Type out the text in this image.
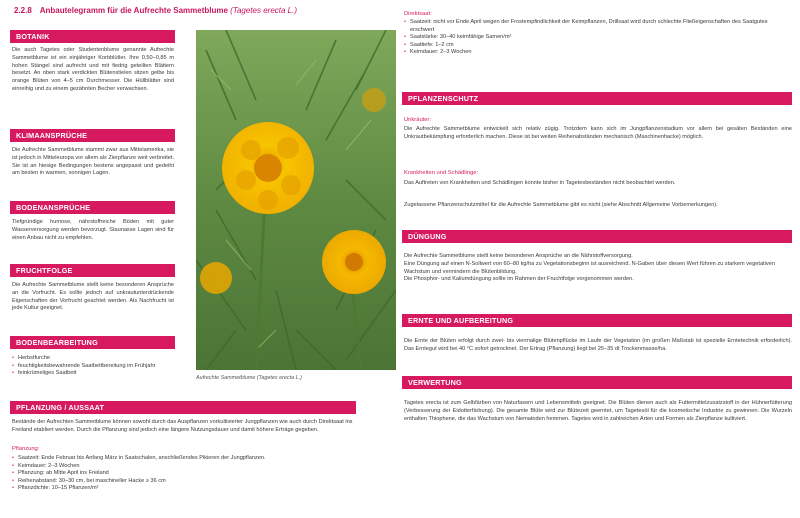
2.2.8 Anbautelegramm für die Aufrechte Sammetblume (Tagetes erecta L.)
BOTANIK
Die auch Tagetes oder Studentenblume genannte Aufrechte Sammetblume ist ein einjähriger Korbblütler. Ihre 0,50–0,85 m hohen Stängel sind aufrecht und mit fiedrig geteilten Blättern besetzt. An oben stark verdickten Blütenstielen sitzen gelbe bis orange Blüten von 4–5 cm Durchmesser. Die Hüllblätter sind einreihig und zu einem gezähnten Becher verwachsen.
KLIMAANSPRÜCHE
Die Aufrechte Sammetblume stammt zwar aus Mittelamerika, sie ist jedoch in Mitteleuropa vor allem als Zierpflanze weit verbreitet. Sie ist an hiesige Bedingungen bestens angepasst und gedeiht am besten in warmen, sonnigen Lagen.
BODENANSPRÜCHE
Tiefgründige humose, nährstoffreiche Böden mit guter Wasserversorgung werden bevorzugt. Staunasse Lagen sind für einen Anbau nicht zu empfehlen.
FRUCHTFOLGE
Die Aufrechte Sammetblume stellt keine besonderen Ansprüche an die Vorfrucht. Es sollte jedoch auf unkrautunterdrückende Eigenschaften der Vorfrucht geachtet werden. Als Nachfrucht ist jede Kultur geeignet.
BODENBEARBEITUNG
• Herbstfurche
• feuchtigkeitsbewahrende Saatbettbereitung im Frühjahr
• feinkrümeliges Saatbett
Aufrechte Sammetblume (Tagetes erecta L.)
PFLANZUNG / AUSSAAT
Bestände der Aufrechten Sammetblume können sowohl durch das Auspflanzen vorkultivierter Jungpflanzen wie auch durch Direktsaat ins Freiland etabliert werden. Durch die Pflanzung sind jedoch eine längere Nutzungsdauer und damit höhere Erträge gegeben.
Pflanzung:
• Saatzeit: Ende Februar bis Anfang März in Saatschalen, anschließendes Pikieren der Jungpflanzen.
• Keimdauer: 2–3 Wochen
• Pflanzung: ab Mitte April ins Freiland
• Reihenabstand: 30–30 cm, bei maschineller Hacke ≥ 36 cm
• Pflanzdichte: 10–15 Pflanzen/m²
Direktsaat:
• Saatzeit: nicht vor Ende April wegen der Frostempfindlichkeit der Keimpflanzen, Drillsaat wird durch schlechte Fließeigenschaften des Saatgutes erschwert
• Saatstärke: 30–40 keimfähige Samen/m²
• Saattiefe: 1–2 cm
• Keimdauer: 2–3 Wochen
PFLANZENSCHUTZ
Unkräuter:
Die Aufrechte Sammetblume entwickelt sich relativ zügig. Trotzdem kann sich im Jungpflanzenstadium vor allem bei gesäten Beständen eine Unkrautbekämpfung erforderlich machen. Diese ist bei weiten Reihenabständen mechanisch (Maschinenhacke) möglich.
Krankheiten und Schädlinge:
Das Auftreten von Krankheiten und Schädlingen konnte bisher in Tagetesbeständen nicht beobachtet werden.
Zugelassene Pflanzenschutzmittel für die Aufrechte Sammetblume gibt es nicht (siehe Abschnitt Allgemeine Vorbemerkungen).
DÜNGUNG

Die Aufrechte Sammetblume stellt keine besonderen Ansprüche an die Nährstoffversorgung.

Eine Düngung auf einen N-Sollwert von 60–80 kg/ha zu Vegetationsbeginn ist ausreichend. N-Gaben über diesen Wert führen zu starkem vegetativen Wachstum und vermindern die Blütenbildung.

Die Phosphor- und Kaliumdüngung sollte im Rahmen der Fruchtfolge vorgenommen werden.

ERNTE UND AUFBEREITUNG
Die Ernte der Blüten erfolgt durch zwei- bis viermalige Blütenpflücke im Laufe der Vegetation (im großen Maßstab ist spezielle Erntetechnik erforderlich). Das Erntegut wird bei 40 °C sofort getrocknet. Der Ertrag (Pflanzung) liegt bei 25–35 dt Trockenmasse/ha.
VERWERTUNG
Tagetes erecta ist zum Gelbfärben von Naturfasern und Lebensmitteln geeignet. Die Blüten dienen auch als Futtermittelzusatzstoff in der Hühnerfütterung (Verbesserung der Eidotterfärbung). Die gesamte Blüte wird zur Blütezeit geerntet, um Tagetesöl für die kosmetische Industrie zu gewinnen. Die Wurzeln enthalten Thiophene, die das Wachstum von Nematoden hemmen. Tagetes wird in zahlreichen Arten und Formen als Zierpflanze kultiviert.
